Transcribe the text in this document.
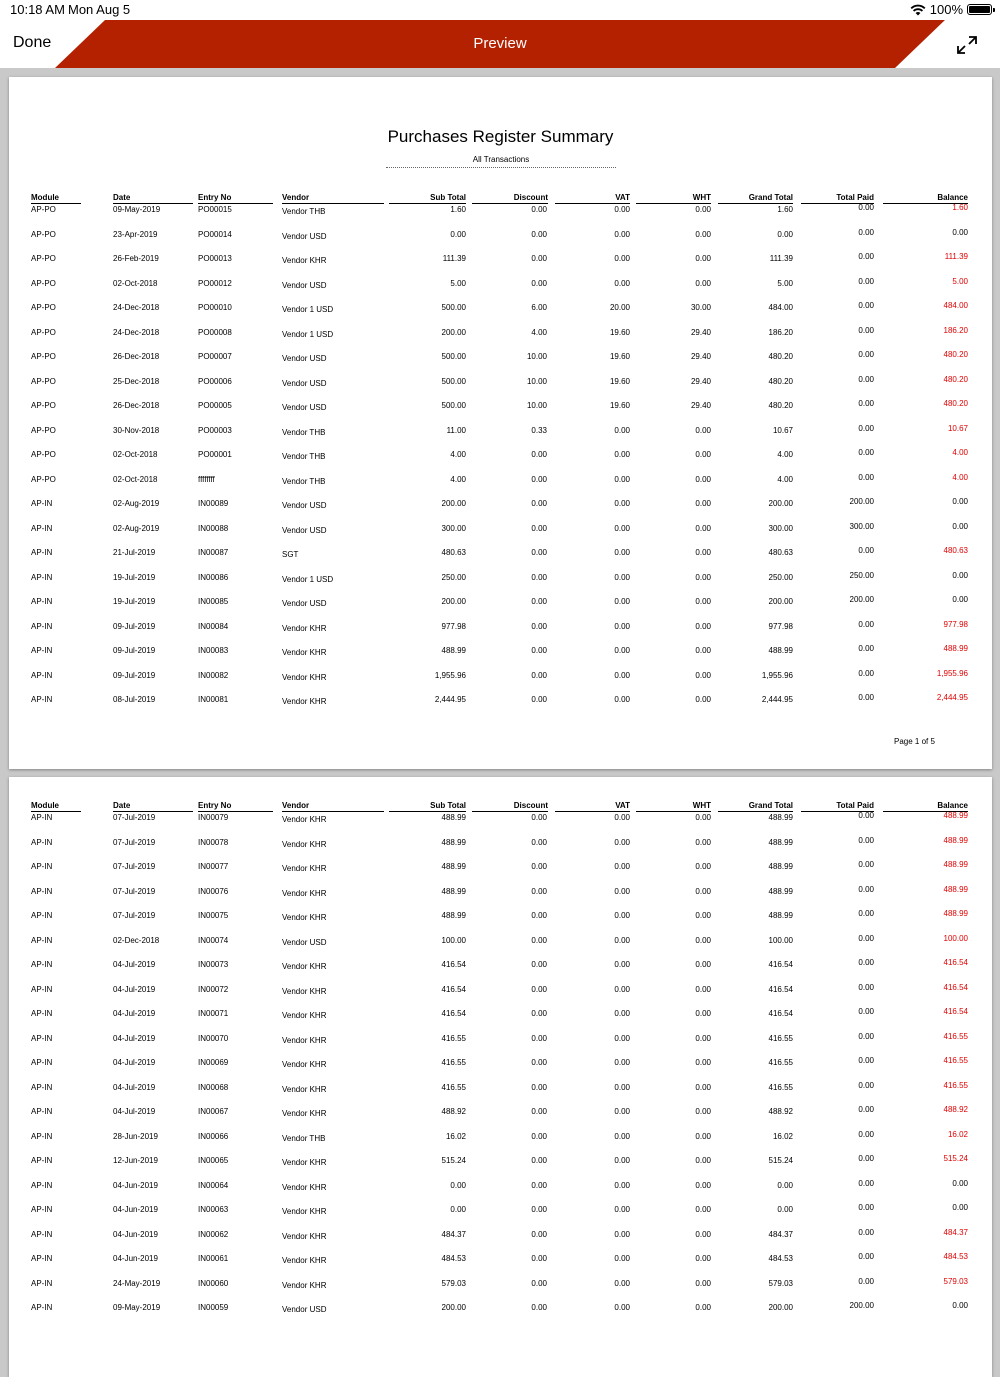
10:18 AM Mon Aug 5	100%
Done	Preview
Purchases Register Summary
All Transactions
Module	Date	Entry No	Vendor	Sub Total	Discount	VAT	WHT	Grand Total	Total Paid	Balance
AP-PO	09-May-2019	PO00015	Vendor THB	1.60	0.00	0.00	0.00	1.60	0.00	1.60
AP-PO	23-Apr-2019	PO00014	Vendor USD	0.00	0.00	0.00	0.00	0.00	0.00	0.00
AP-PO	26-Feb-2019	PO00013	Vendor KHR	111.39	0.00	0.00	0.00	111.39	0.00	111.39
AP-PO	02-Oct-2018	PO00012	Vendor USD	5.00	0.00	0.00	0.00	5.00	0.00	5.00
AP-PO	24-Dec-2018	PO00010	Vendor 1 USD	500.00	6.00	20.00	30.00	484.00	0.00	484.00
AP-PO	24-Dec-2018	PO00008	Vendor 1 USD	200.00	4.00	19.60	29.40	186.20	0.00	186.20
AP-PO	26-Dec-2018	PO00007	Vendor USD	500.00	10.00	19.60	29.40	480.20	0.00	480.20
AP-PO	25-Dec-2018	PO00006	Vendor USD	500.00	10.00	19.60	29.40	480.20	0.00	480.20
AP-PO	26-Dec-2018	PO00005	Vendor USD	500.00	10.00	19.60	29.40	480.20	0.00	480.20
AP-PO	30-Nov-2018	PO00003	Vendor THB	11.00	0.33	0.00	0.00	10.67	0.00	10.67
AP-PO	02-Oct-2018	PO00001	Vendor THB	4.00	0.00	0.00	0.00	4.00	0.00	4.00
AP-PO	02-Oct-2018	ffffffff	Vendor THB	4.00	0.00	0.00	0.00	4.00	0.00	4.00
AP-IN	02-Aug-2019	IN00089	Vendor USD	200.00	0.00	0.00	0.00	200.00	200.00	0.00
AP-IN	02-Aug-2019	IN00088	Vendor USD	300.00	0.00	0.00	0.00	300.00	300.00	0.00
AP-IN	21-Jul-2019	IN00087	SGT	480.63	0.00	0.00	0.00	480.63	0.00	480.63
AP-IN	19-Jul-2019	IN00086	Vendor 1 USD	250.00	0.00	0.00	0.00	250.00	250.00	0.00
AP-IN	19-Jul-2019	IN00085	Vendor USD	200.00	0.00	0.00	0.00	200.00	200.00	0.00
AP-IN	09-Jul-2019	IN00084	Vendor KHR	977.98	0.00	0.00	0.00	977.98	0.00	977.98
AP-IN	09-Jul-2019	IN00083	Vendor KHR	488.99	0.00	0.00	0.00	488.99	0.00	488.99
AP-IN	09-Jul-2019	IN00082	Vendor KHR	1,955.96	0.00	0.00	0.00	1,955.96	0.00	1,955.96
AP-IN	08-Jul-2019	IN00081	Vendor KHR	2,444.95	0.00	0.00	0.00	2,444.95	0.00	2,444.95
Page 1 of 5
Module	Date	Entry No	Vendor	Sub Total	Discount	VAT	WHT	Grand Total	Total Paid	Balance
AP-IN	07-Jul-2019	IN00079	Vendor KHR	488.99	0.00	0.00	0.00	488.99	0.00	488.99
AP-IN	07-Jul-2019	IN00078	Vendor KHR	488.99	0.00	0.00	0.00	488.99	0.00	488.99
AP-IN	07-Jul-2019	IN00077	Vendor KHR	488.99	0.00	0.00	0.00	488.99	0.00	488.99
AP-IN	07-Jul-2019	IN00076	Vendor KHR	488.99	0.00	0.00	0.00	488.99	0.00	488.99
AP-IN	07-Jul-2019	IN00075	Vendor KHR	488.99	0.00	0.00	0.00	488.99	0.00	488.99
AP-IN	02-Dec-2018	IN00074	Vendor USD	100.00	0.00	0.00	0.00	100.00	0.00	100.00
AP-IN	04-Jul-2019	IN00073	Vendor KHR	416.54	0.00	0.00	0.00	416.54	0.00	416.54
AP-IN	04-Jul-2019	IN00072	Vendor KHR	416.54	0.00	0.00	0.00	416.54	0.00	416.54
AP-IN	04-Jul-2019	IN00071	Vendor KHR	416.54	0.00	0.00	0.00	416.54	0.00	416.54
AP-IN	04-Jul-2019	IN00070	Vendor KHR	416.55	0.00	0.00	0.00	416.55	0.00	416.55
AP-IN	04-Jul-2019	IN00069	Vendor KHR	416.55	0.00	0.00	0.00	416.55	0.00	416.55
AP-IN	04-Jul-2019	IN00068	Vendor KHR	416.55	0.00	0.00	0.00	416.55	0.00	416.55
AP-IN	04-Jul-2019	IN00067	Vendor KHR	488.92	0.00	0.00	0.00	488.92	0.00	488.92
AP-IN	28-Jun-2019	IN00066	Vendor THB	16.02	0.00	0.00	0.00	16.02	0.00	16.02
AP-IN	12-Jun-2019	IN00065	Vendor KHR	515.24	0.00	0.00	0.00	515.24	0.00	515.24
AP-IN	04-Jun-2019	IN00064	Vendor KHR	0.00	0.00	0.00	0.00	0.00	0.00	0.00
AP-IN	04-Jun-2019	IN00063	Vendor KHR	0.00	0.00	0.00	0.00	0.00	0.00	0.00
AP-IN	04-Jun-2019	IN00062	Vendor KHR	484.37	0.00	0.00	0.00	484.37	0.00	484.37
AP-IN	04-Jun-2019	IN00061	Vendor KHR	484.53	0.00	0.00	0.00	484.53	0.00	484.53
AP-IN	24-May-2019	IN00060	Vendor KHR	579.03	0.00	0.00	0.00	579.03	0.00	579.03
AP-IN	09-May-2019	IN00059	Vendor USD	200.00	0.00	0.00	0.00	200.00	200.00	0.00
